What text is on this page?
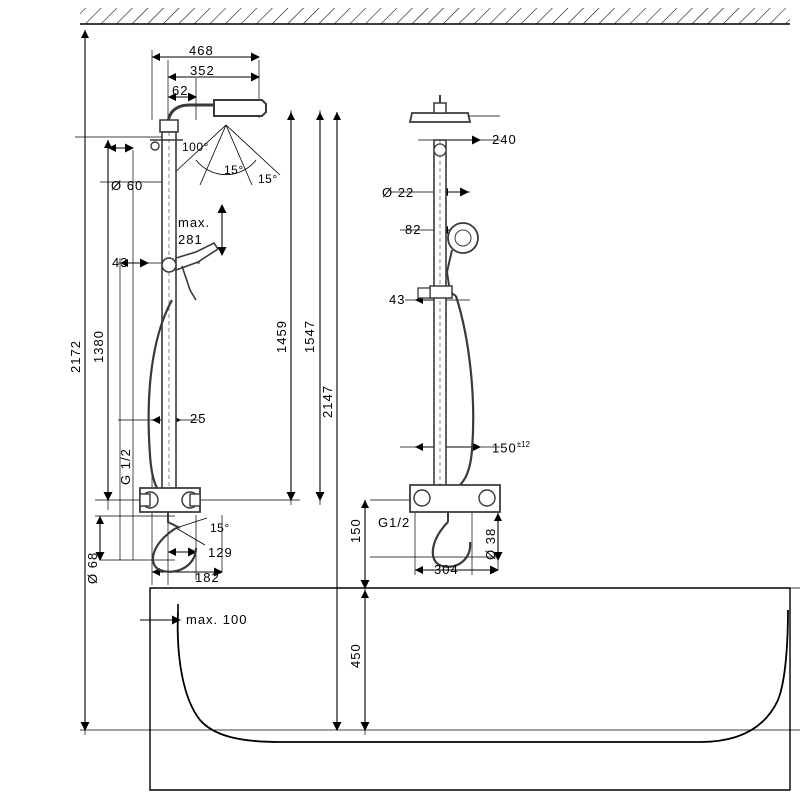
468
352
62
100°
15°
15°
Ø 60
max.
281
43
2172 1380	1459 1547
2147
25
G 1/2
15°
Ø 68	129
182
max. 100
240
Ø 22
82
43
$150^{\pm 12}$
G1/2
150	Ø 38
304
450
